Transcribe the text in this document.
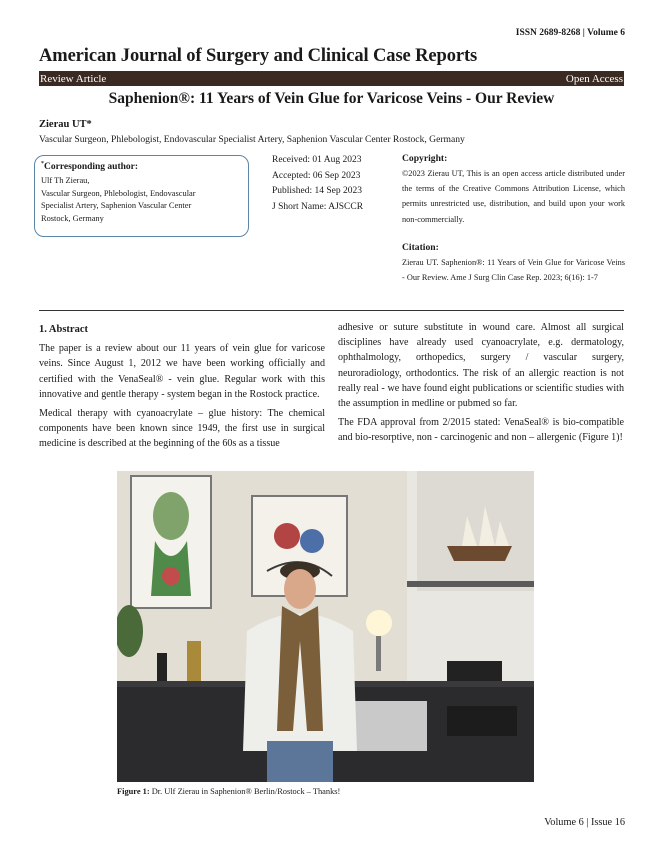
ISSN 2689-8268 | Volume 6
American Journal of Surgery and Clinical Case Reports
Review Article	Open Access
Saphenion®: 11 Years of Vein Glue for Varicose Veins - Our Review
Zierau UT*
Vascular Surgeon, Phlebologist, Endovascular Specialist Artery, Saphenion Vascular Center Rostock, Germany
*Corresponding author:
Ulf Th Zierau,
Vascular Surgeon, Phlebologist, Endovascular
Specialist Artery, Saphenion Vascular Center
Rostock, Germany
Received: 01 Aug 2023
Accepted: 06 Sep 2023
Published: 14 Sep 2023
J Short Name: AJSCCR
Copyright:
©2023 Zierau UT, This is an open access article distributed under the terms of the Creative Commons Attribution License, which permits unrestricted use, distribution, and build upon your work non-commercially.
Citation:
Zierau UT. Saphenion®: 11 Years of Vein Glue for Varicose Veins - Our Review. Ame J Surg Clin Case Rep. 2023; 6(16): 1-7
1. Abstract

The paper is a review about our 11 years of vein glue for varicose veins. Since August 1, 2012 we have been working officially and certified with the VenaSeal® - vein glue. Regular work with this innovative and gentle therapy - system began in the Rostock practice.

Medical therapy with cyanoacrylate – glue history: The chemical components have been known since 1949, the first use in surgical medicine is described at the beginning of the 60s as a tissue

adhesive or suture substitute in wound care. Almost all surgical disciplines have already used cyanoacrylate, e.g. dermatology, ophthalmology, orthopedics, surgery / vascular surgery, neuroradiology, orthodontics. The risk of an allergic reaction is not really real - we have found eight publications or scientific studies with the assumption in medline or pubmed so far.

The FDA approval from 2/2015 stated: VenaSeal® is bio-compatible and bio-resorptive, non - carcinogenic and non – allergenic (Figure 1)!

Figure 1: Dr. Ulf Zierau in Saphenion® Berlin/Rostock – Thanks!
Volume 6 | Issue 16
